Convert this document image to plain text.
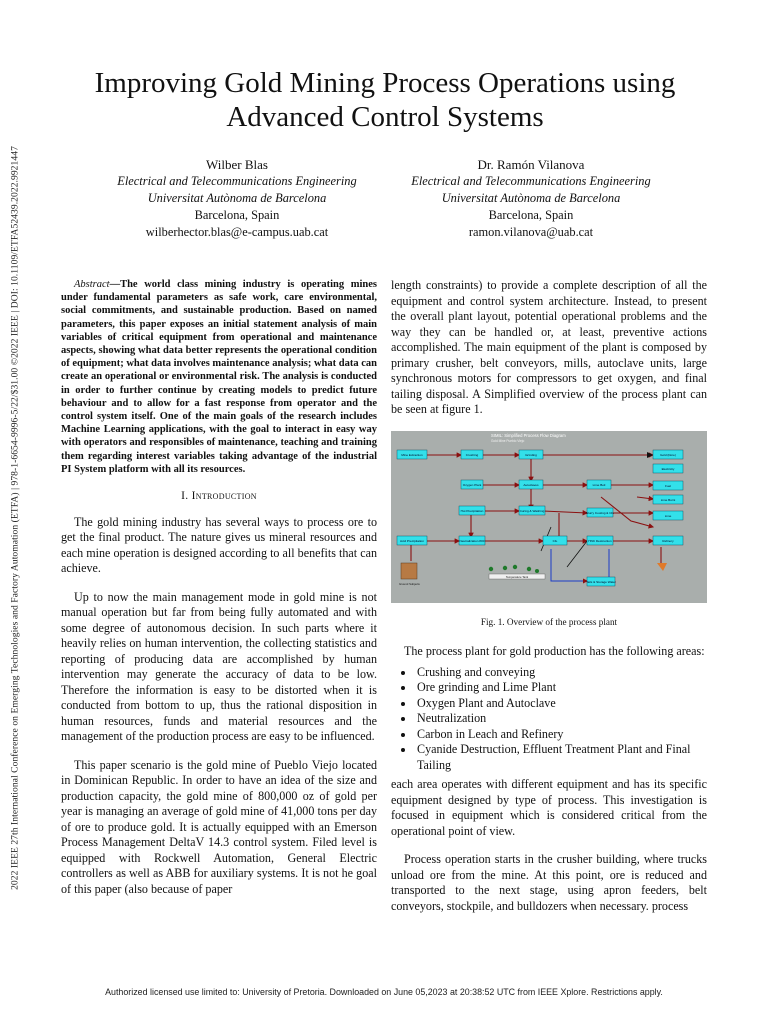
2022 IEEE 27th International Conference on Emerging Technologies and Factory Automation (ETFA) | 978-1-6654-9996-5/22/$31.00 ©2022 IEEE | DOI: 10.1109/ETFA52439.2022.9921447
Improving Gold Mining Process Operations using
Advanced Control Systems
Wilber Blas
Electrical and Telecommunications Engineering
Universitat Autònoma de Barcelona
Barcelona, Spain
wilberhector.blas@e-campus.uab.cat
Dr. Ramón Vilanova
Electrical and Telecommunications Engineering
Universitat Autònoma de Barcelona
Barcelona, Spain
ramon.vilanova@uab.cat

Abstract—The world class mining industry is operating mines under fundamental parameters as safe work, care environmental, social commitments, and sustainable production. Based on named parameters, this paper exposes an initial statement analysis of main variables of critical equipment from operational and maintenance aspects, showing what data better represents the operational condition of equipment; what data involves maintenance analysis; what data can create an operational or environmental risk. The analysis is conducted in order to further continue by creating models to predict future behaviour and to allow for a fast response from operator and the control system itself. One of the main goals of the research includes Machine Learning applications, with the goal to interact in easy way with operators and responsibles of maintenance, teaching and training them regarding interest variables taking advantage of the industrial PI System platform with all its resources.

I. Introduction

The gold mining industry has several ways to process ore to get the final product. The nature gives us mineral resources and each mine operation is designed according to all benefits that can achieve.

Up to now the main management mode in gold mine is not manual operation but far from being fully automated and with some degree of autonomous decision. In such parts where it heavily relies on human intervention, the collecting statistics and reporting of producing data are accomplished by human intervention may generate the accuracy of data to be low. Therefore the information is easy to be distorted when it is conducted from bottom to up, thus the rational disposition in human resources, funds and material resources and the management of the production process are easy to be influenced.

This paper scenario is the gold mine of Pueblo Viejo located in Dominican Republic. In order to have an idea of the size and production capacity, the gold mine of 800,000 oz of gold per year is managing an average of gold mine of 41,000 tons per day of ore to produce gold. It is actually equipped with an Emerson Process Management DeltaV 14.3 control system. Filed level is equipped with Rockwell Automation, General Electric controllers as well as ABB for auxiliary systems. It is not he goal of this paper (also because of paper

length constraints) to provide a complete description of all the equipment and control system architecture. Instead, to present the overall plant layout, potential operational problems and the way they can be handled or, at least, preventive actions accomplished. The main equipment of the plant is composed by primary crusher, belt conveyors, mills, autoclave units, large synchronous motors for compressors to get oxygen, and final tailing disposal. A Simplified overview of the process plant can be seen at figure 1.

SIMIL: Simplified Process Flow Diagram
Gold Mine Pueblo Viejo
Mine Extraction	Crushing	Grinding
Oxygen Plant	Autoclaves	Lime Boil
Hot Precipitation	Curing & Washing	Slurry Cooling & CIL
Acid Precipitation	Neutralization 800	CIL	HNC Destruction
Tails & Storage Water
Gold (Dore)
Electricity
Fuel
Lime Burnt
Lime
Refinery
Ground Subjects
Temperature Tank
Fig. 1. Overview of the process plant

The process plant for gold production has the following areas:

• Crushing and conveying
• Ore grinding and Lime Plant
• Oxygen Plant and Autoclave
• Neutralization
• Carbon in Leach and Refinery
• Cyanide Destruction, Effluent Treatment Plant and Final Tailing

each area operates with different equipment and has its specific equipment designed by type of process. This investigation is focused in equipment which is considered critical from the operational point of view.

Process operation starts in the crusher building, where trucks unload ore from the mine. At this point, ore is reduced and transported to the next stage, using apron feeders, belt conveyors, stockpile, and bulldozers when necessary. process

Authorized licensed use limited to: University of Pretoria. Downloaded on June 05,2023 at 20:38:52 UTC from IEEE Xplore. Restrictions apply.
